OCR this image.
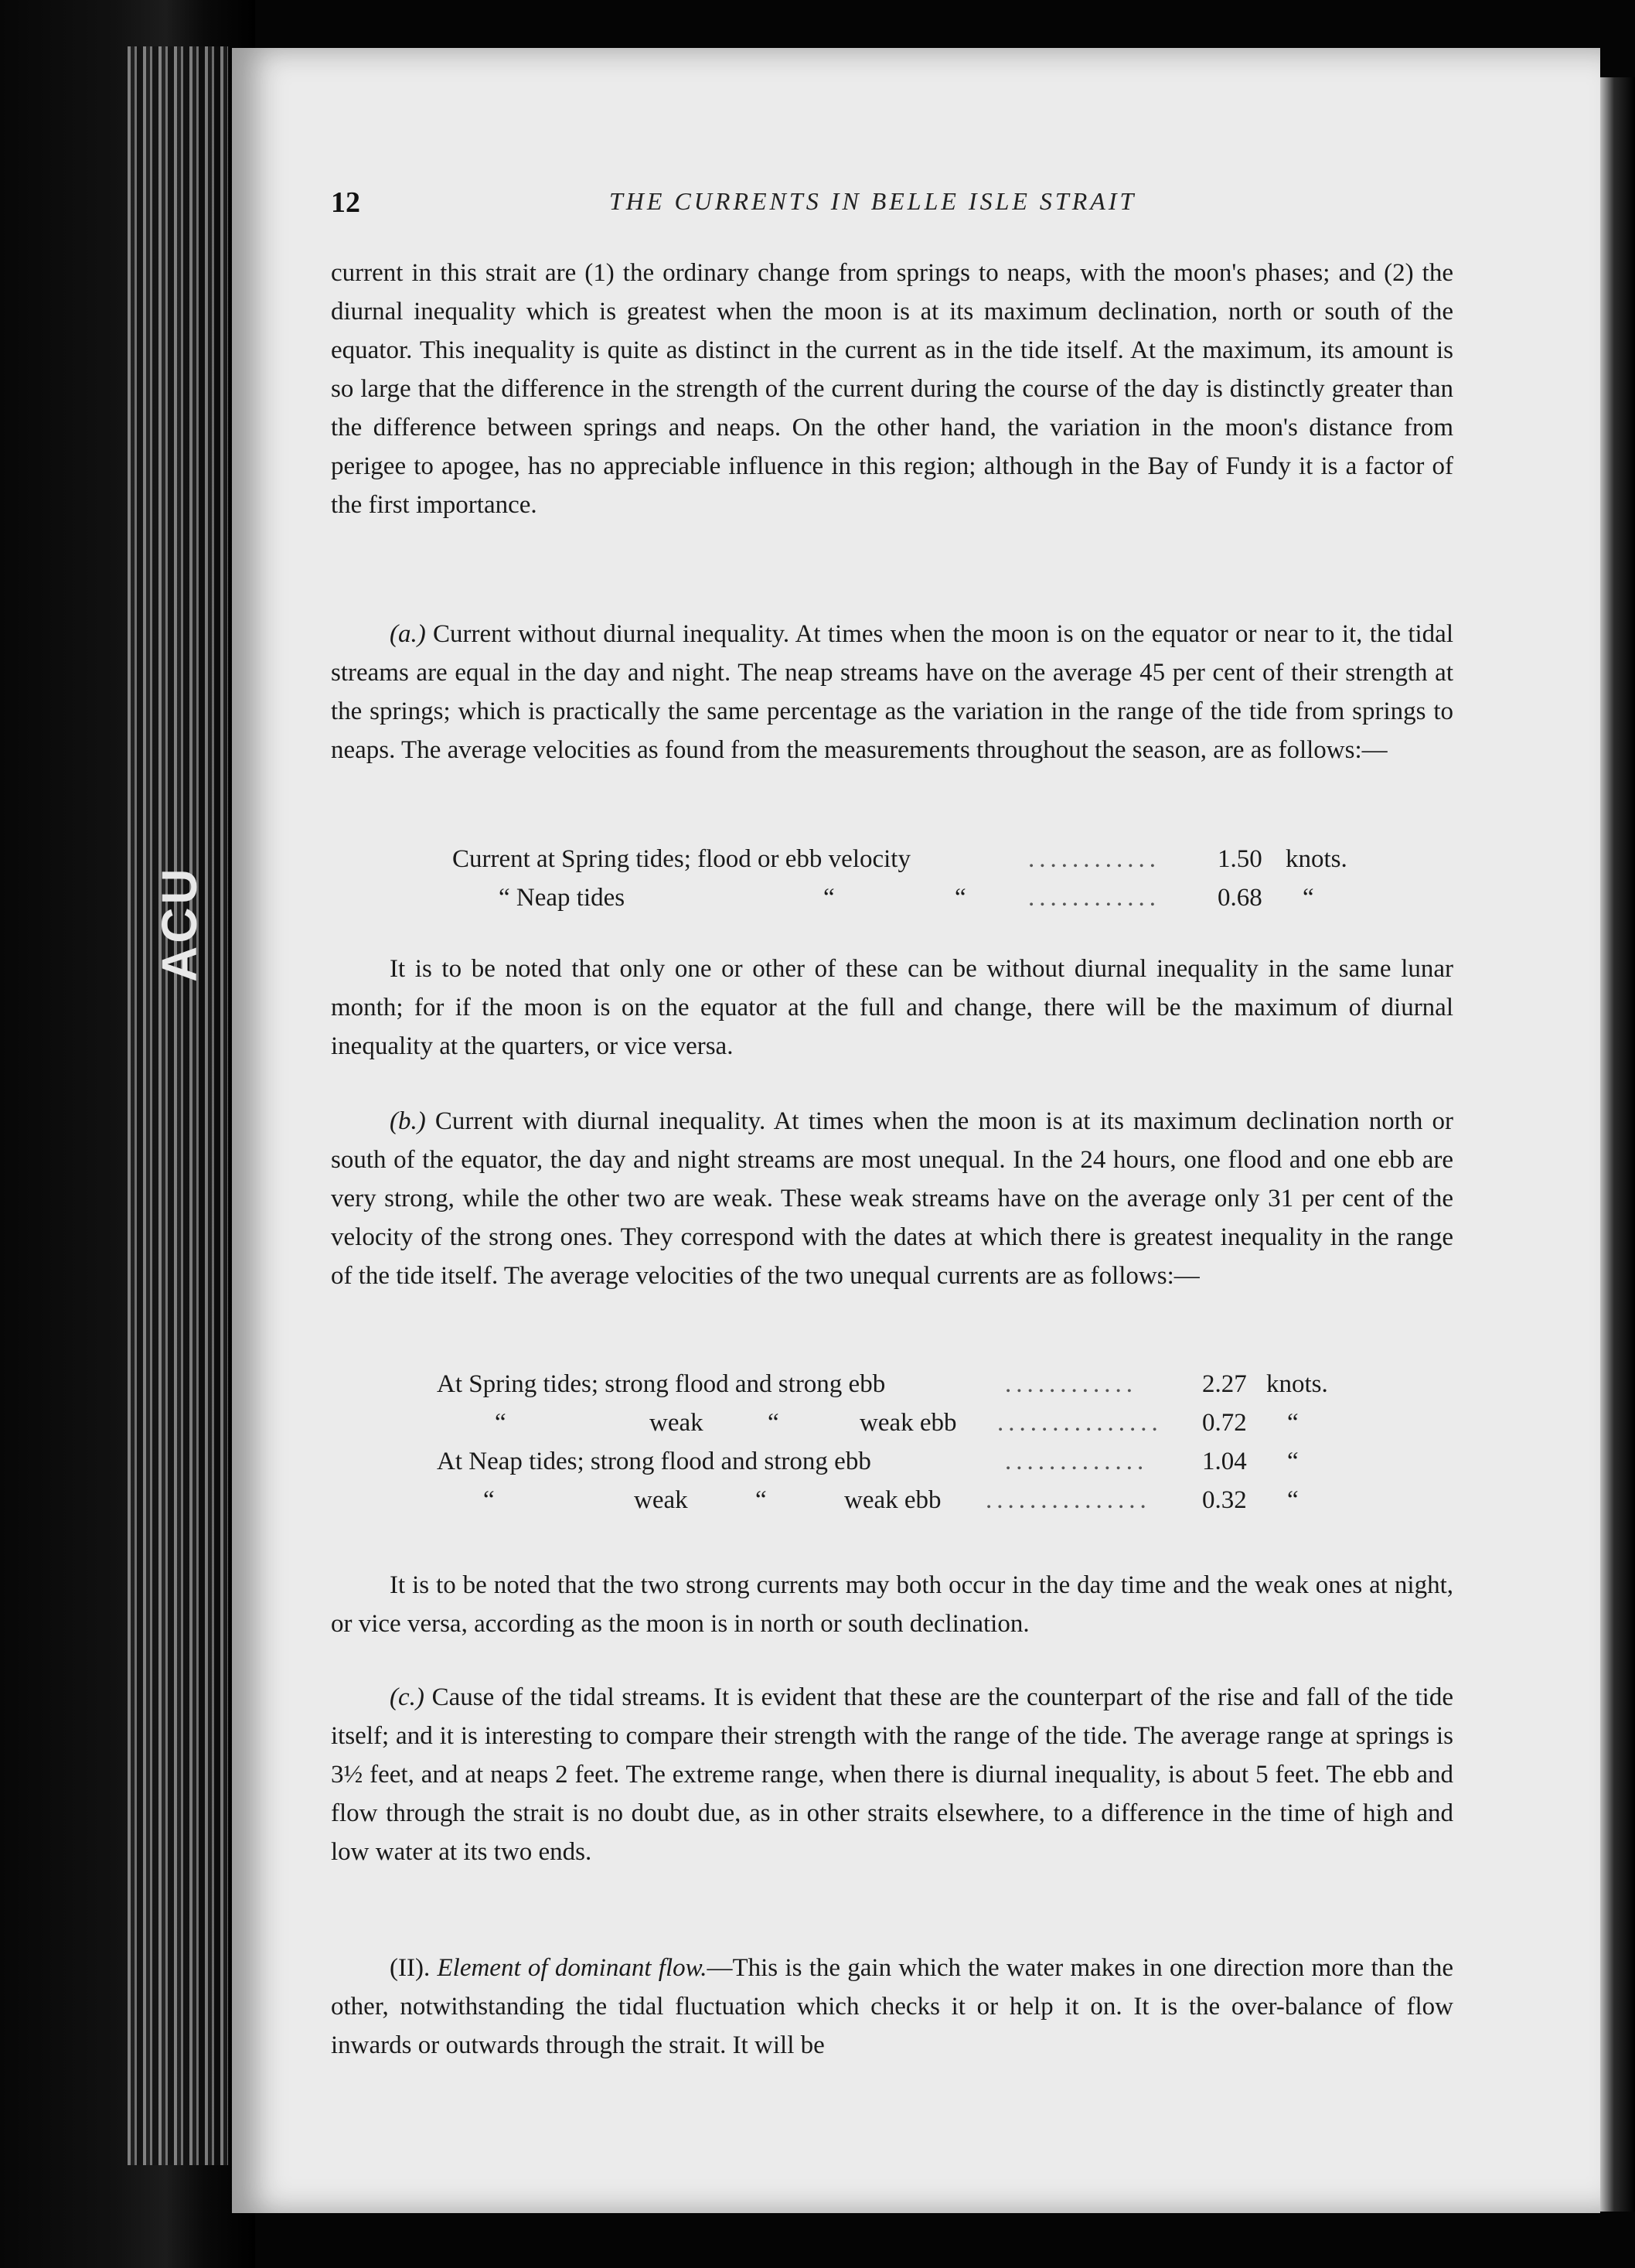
ACU
12	THE CURRENTS IN BELLE ISLE STRAIT

current in this strait are (1) the ordinary change from springs to neaps, with the moon's phases; and (2) the diurnal inequality which is greatest when the moon is at its maximum declination, north or south of the equator. This inequality is quite as distinct in the current as in the tide itself. At the maximum, its amount is so large that the difference in the strength of the current during the course of the day is distinctly greater than the difference between springs and neaps. On the other hand, the variation in the moon's distance from perigee to apogee, has no appreciable influence in this region; although in the Bay of Fundy it is a factor of the first importance.

(a.) Current without diurnal inequality. At times when the moon is on the equator or near to it, the tidal streams are equal in the day and night. The neap streams have on the average 45 per cent of their strength at the springs; which is practically the same percentage as the variation in the range of the tide from springs to neaps. The average velocities as found from the measurements throughout the season, are as follows:—

Current at Spring tides; flood or ebb velocity	............ 1.50 knots.
“ Neap tides	“	“ ............ 0.68 “

It is to be noted that only one or other of these can be without diurnal inequality in the same lunar month; for if the moon is on the equator at the full and change, there will be the maximum of diurnal inequality at the quarters, or vice versa.

(b.) Current with diurnal inequality. At times when the moon is at its maximum declination north or south of the equator, the day and night streams are most unequal. In the 24 hours, one flood and one ebb are very strong, while the other two are weak. These weak streams have on the average only 31 per cent of the velocity of the strong ones. They correspond with the dates at which there is greatest inequality in the range of the tide itself. The average velocities of the two unequal currents are as follows:—

At Spring tides; strong flood and strong ebb	............	2.27 knots.
“	weak	“	weak ebb ............... 0.72 “
At Neap tides; strong flood and strong ebb	............. 1.04 “
“	weak	“	weak ebb ............... 0.32 “

It is to be noted that the two strong currents may both occur in the day time and the weak ones at night, or vice versa, according as the moon is in north or south declination.

(c.) Cause of the tidal streams. It is evident that these are the counterpart of the rise and fall of the tide itself; and it is interesting to compare their strength with the range of the tide. The average range at springs is 3½ feet, and at neaps 2 feet. The extreme range, when there is diurnal inequality, is about 5 feet. The ebb and flow through the strait is no doubt due, as in other straits elsewhere, to a difference in the time of high and low water at its two ends.

(II). Element of dominant flow.—This is the gain which the water makes in one direction more than the other, notwithstanding the tidal fluctuation which checks it or help it on. It is the over-balance of flow inwards or outwards through the strait. It will be
